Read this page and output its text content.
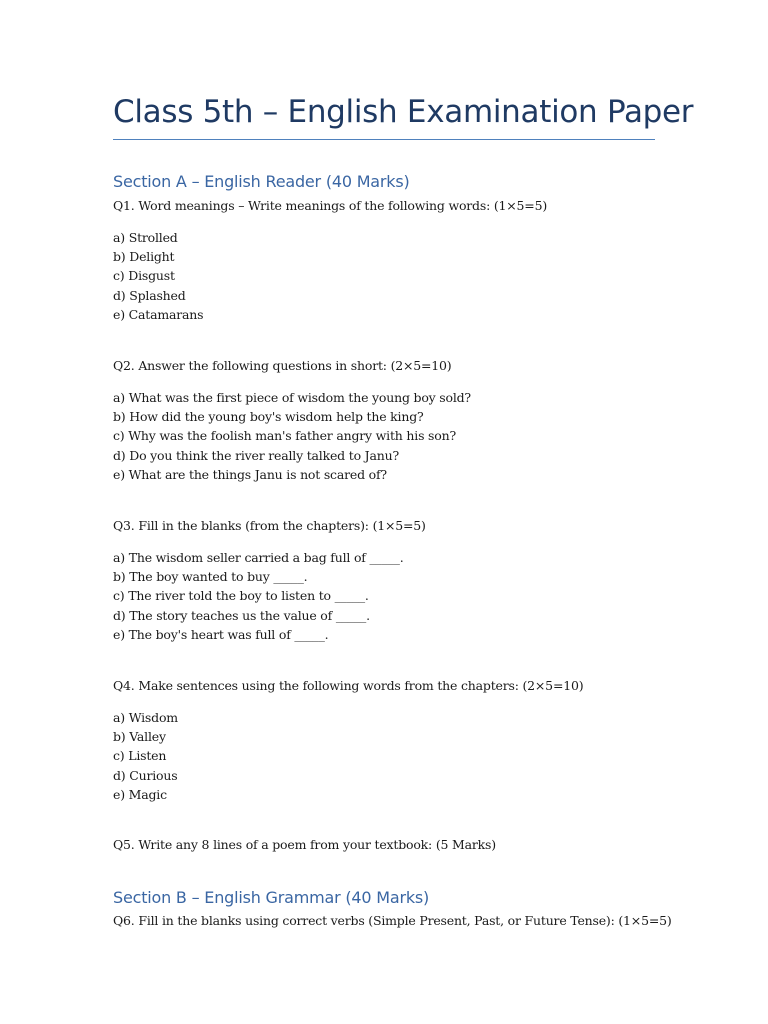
Class 5th – English Examination Paper
Section A – English Reader (40 Marks)
Q1. Word meanings – Write meanings of the following words: (1×5=5)
a) Strolled
b) Delight
c) Disgust
d) Splashed
e) Catamarans
Q2. Answer the following questions in short: (2×5=10)
a) What was the first piece of wisdom the young boy sold?
b) How did the young boy's wisdom help the king?
c) Why was the foolish man's father angry with his son?
d) Do you think the river really talked to Janu?
e) What are the things Janu is not scared of?
Q3. Fill in the blanks (from the chapters): (1×5=5)
a) The wisdom seller carried a bag full of _____.
b) The boy wanted to buy _____.
c) The river told the boy to listen to _____.
d) The story teaches us the value of _____.
e) The boy's heart was full of _____.
Q4. Make sentences using the following words from the chapters: (2×5=10)
a) Wisdom
b) Valley
c) Listen
d) Curious
e) Magic
Q5. Write any 8 lines of a poem from your textbook: (5 Marks)
Section B – English Grammar (40 Marks)
Q6. Fill in the blanks using correct verbs (Simple Present, Past, or Future Tense): (1×5=5)
